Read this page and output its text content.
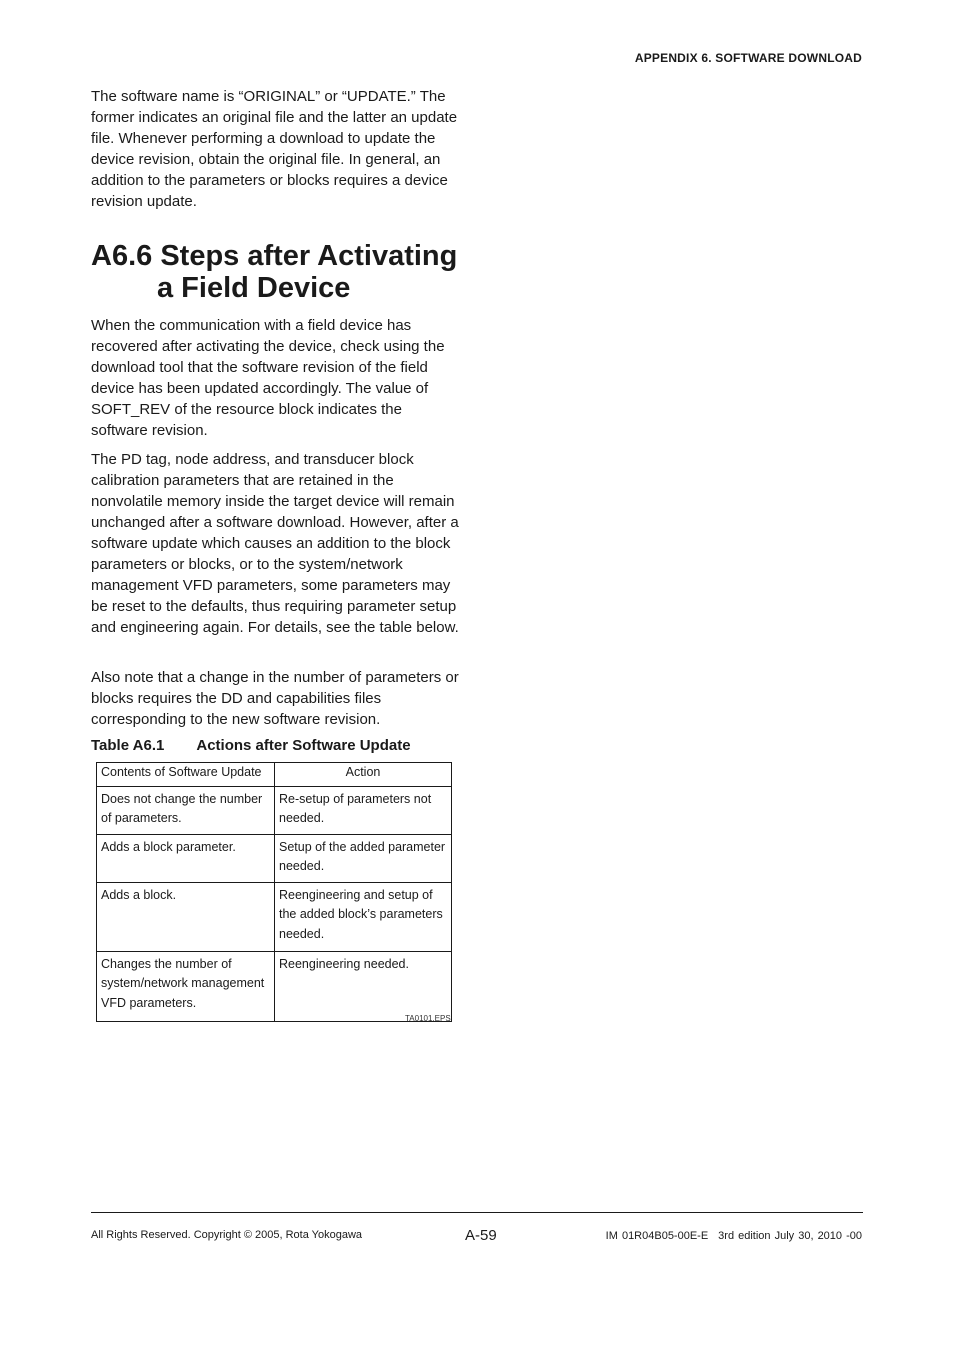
APPENDIX 6. SOFTWARE DOWNLOAD

The software name is “ORIGINAL” or “UPDATE.” The former indicates an original file and the latter an update file. Whenever performing a download to update the device revision, obtain the original file. In general, an addition to the parameters or blocks requires a device revision update.

A6.6 Steps after Activating
a Field Device

When the communication with a field device has recovered after activating the device, check using the download tool that the software revision of the field device has been updated accordingly. The value of SOFT_REV of the resource block indicates the software revision.

The PD tag, node address, and transducer block calibration parameters that are retained in the nonvolatile memory inside the target device will remain unchanged after a software download. However, after a software update which causes an addition to the block parameters or blocks, or to the system/network management VFD parameters, some parameters may be reset to the defaults, thus requiring parameter setup and engineering again. For details, see the table below.

Also note that a change in the number of parameters or blocks requires the DD and capabilities files corresponding to the new software revision.

Table A6.1 Actions after Software Update
Contents of Software Update	Action
Does not change the number of parameters.	Re-setup of parameters not needed.
Adds a block parameter.	Setup of the added parameter needed.
Adds a block.	Reengineering and setup of the added block’s parameters needed.
Changes the number of system/network management VFD parameters.	Reengineering needed.
TA0101.EPS
All Rights Reserved. Copyright © 2005, Rota Yokogawa	A-59	IM 01R04B05-00E-E 3rd edition July 30, 2010 -00
